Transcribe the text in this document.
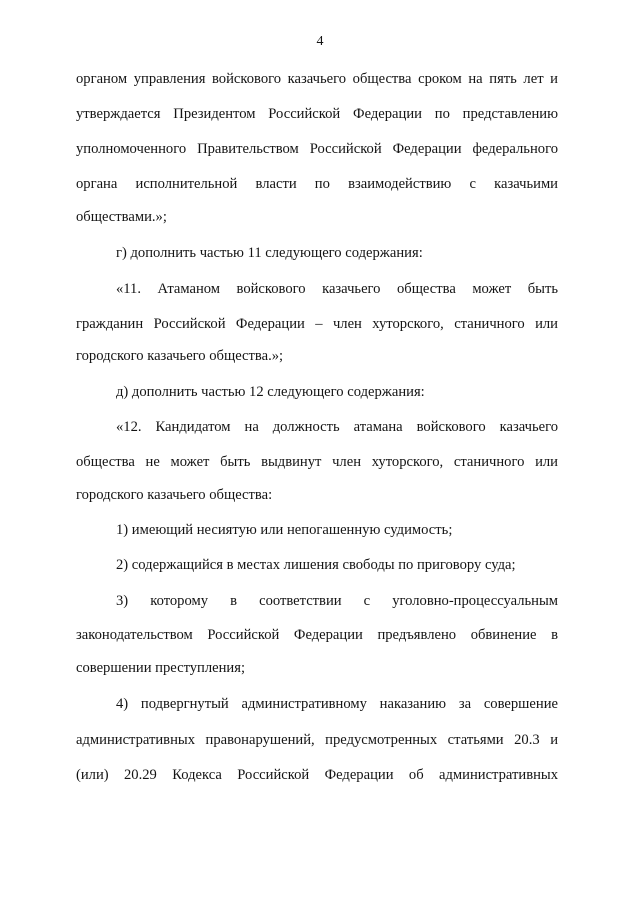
4
органом управления войскового казачьего общества сроком на пять лет и
утверждается Президентом Российской Федерации по представлению
уполномоченного Правительством Российской Федерации федерального
органа исполнительной власти по взаимодействию с казачьими
обществами.»;
г) дополнить частью 11 следующего содержания:
«11. Атаманом войскового казачьего общества может быть
гражданин Российской Федерации – член хуторского, станичного или
городского казачьего общества.»;
д) дополнить частью 12 следующего содержания:
«12. Кандидатом на должность атамана войскового казачьего
общества не может быть выдвинут член хуторского, станичного или
городского казачьего общества:
1) имеющий несиятую или непогашенную судимость;
2) содержащийся в местах лишения свободы по приговору суда;
3) которому в соответствии с уголовно-процессуальным
законодательством Российской Федерации предъявлено обвинение в
совершении преступления;
4) подвергнутый административному наказанию за совершение
административных правонарушений, предусмотренных статьями 20.3 и
(или) 20.29 Кодекса Российской Федерации об административных
